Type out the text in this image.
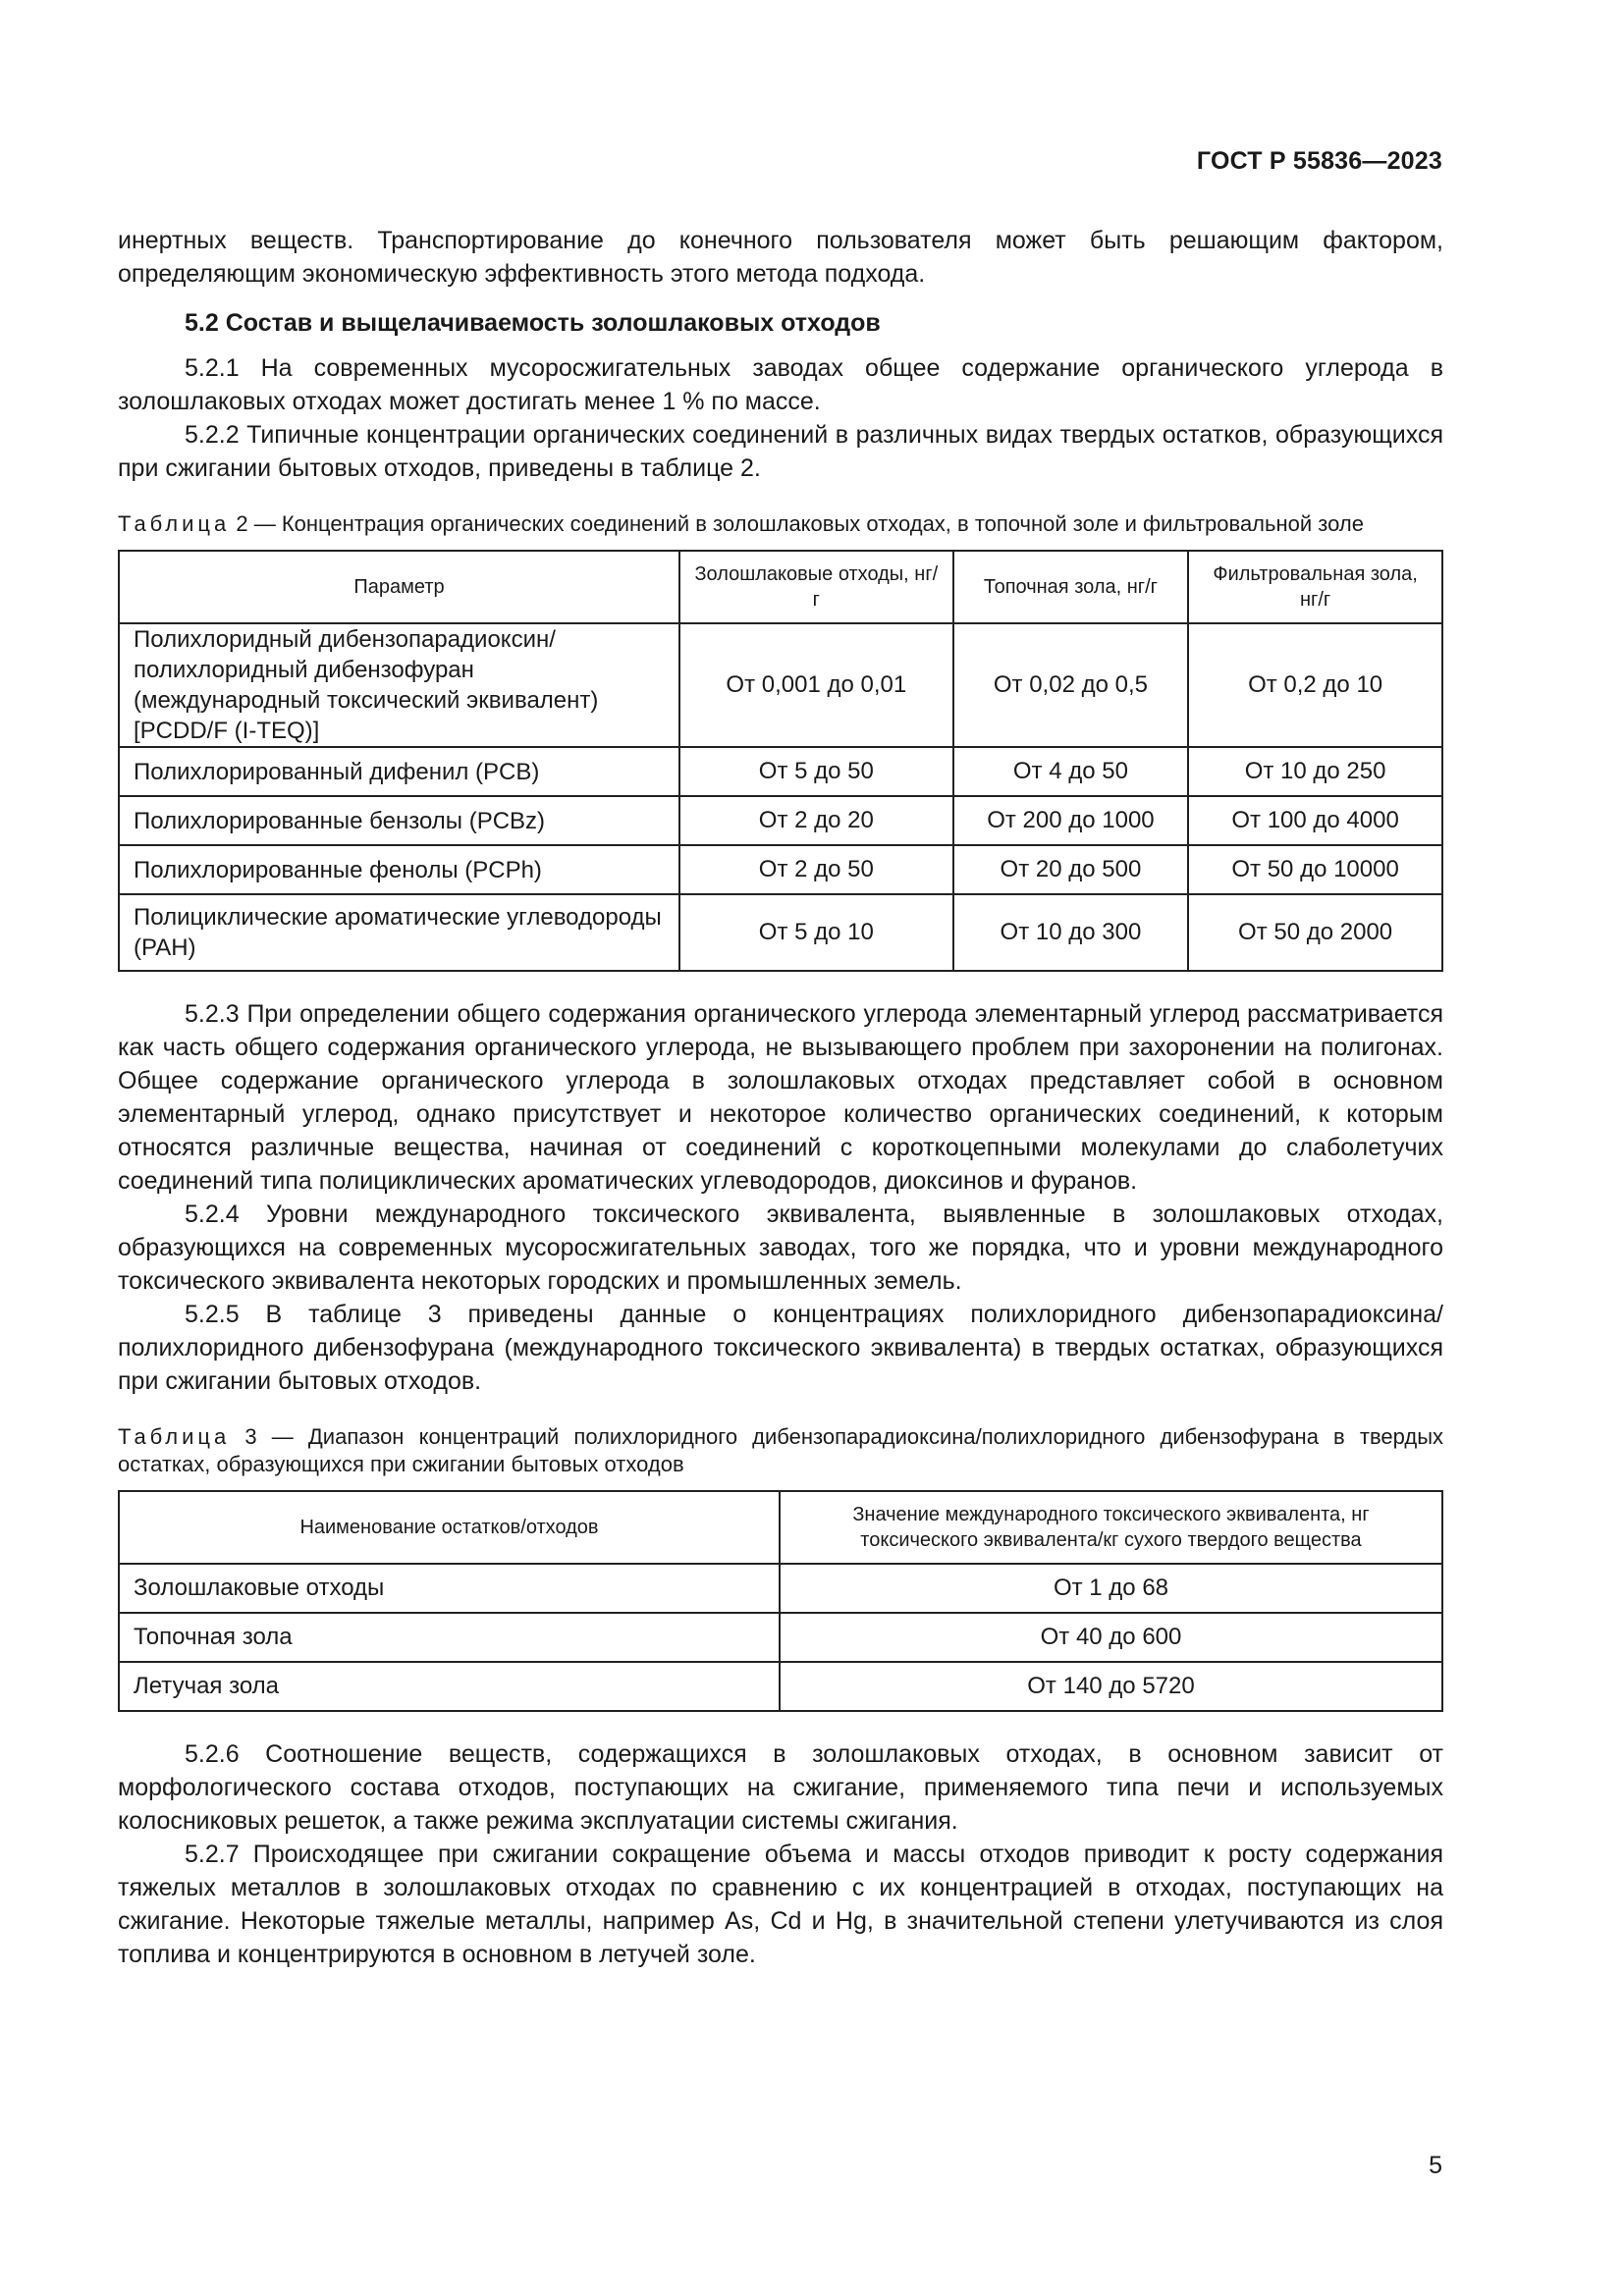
ГОСТ Р 55836—2023

инертных веществ. Транспортирование до конечного пользователя может быть решающим фактором, определяющим экономическую эффективность этого метода подхода.

5.2 Состав и выщелачиваемость золошлаковых отходов

5.2.1 На современных мусоросжигательных заводах общее содержание органического углерода в золошлаковых отходах может достигать менее 1 % по массе.

5.2.2 Типичные концентрации органических соединений в различных видах твердых остатков, образующихся при сжигании бытовых отходов, приведены в таблице 2.

Таблица 2 — Концентрация органических соединений в золошлаковых отходах, в топочной золе и фильтровальной золе
Параметр	Золошлаковые отходы, нг/г	Топочная зола, нг/г	Фильтровальная зола, нг/г
Полихлоридный дибензопарадиоксин/полихлоридный дибензофуран (международный токсический эквивалент) [PCDD/F (I-TEQ)]	От 0,001 до 0,01	От 0,02 до 0,5	От 0,2 до 10
Полихлорированный дифенил (PCB)	От 5 до 50	От 4 до 50	От 10 до 250
Полихлорированные бензолы (PCBz)	От 2 до 20	От 200 до 1000	От 100 до 4000
Полихлорированные фенолы (PCPh)	От 2 до 50	От 20 до 500	От 50 до 10000
Полициклические ароматические углеводороды (PAH)	От 5 до 10	От 10 до 300	От 50 до 2000

5.2.3 При определении общего содержания органического углерода элементарный углерод рассматривается как часть общего содержания органического углерода, не вызывающего проблем при захоронении на полигонах. Общее содержание органического углерода в золошлаковых отходах представляет собой в основном элементарный углерод, однако присутствует и некоторое количество органических соединений, к которым относятся различные вещества, начиная от соединений с короткоцепными молекулами до слаболетучих соединений типа полициклических ароматических углеводородов, диоксинов и фуранов.

5.2.4 Уровни международного токсического эквивалента, выявленные в золошлаковых отходах, образующихся на современных мусоросжигательных заводах, того же порядка, что и уровни международного токсического эквивалента некоторых городских и промышленных земель.

5.2.5 В таблице 3 приведены данные о концентрациях полихлоридного дибензопарадиоксина/полихлоридного дибензофурана (международного токсического эквивалента) в твердых остатках, образующихся при сжигании бытовых отходов.

Таблица 3 — Диапазон концентраций полихлоридного дибензопарадиоксина/полихлоридного дибензофурана в твердых остатках, образующихся при сжигании бытовых отходов
Наименование остатков/отходов	Значение международного токсического эквивалента, нг токсического эквивалента/кг сухого твердого вещества
Золошлаковые отходы	От 1 до 68
Топочная зола	От 40 до 600
Летучая зола	От 140 до 5720

5.2.6 Соотношение веществ, содержащихся в золошлаковых отходах, в основном зависит от морфологического состава отходов, поступающих на сжигание, применяемого типа печи и используемых колосниковых решеток, а также режима эксплуатации системы сжигания.

5.2.7 Происходящее при сжигании сокращение объема и массы отходов приводит к росту содержания тяжелых металлов в золошлаковых отходах по сравнению с их концентрацией в отходах, поступающих на сжигание. Некоторые тяжелые металлы, например As, Cd и Hg, в значительной степени улетучиваются из слоя топлива и концентрируются в основном в летучей золе.

5
